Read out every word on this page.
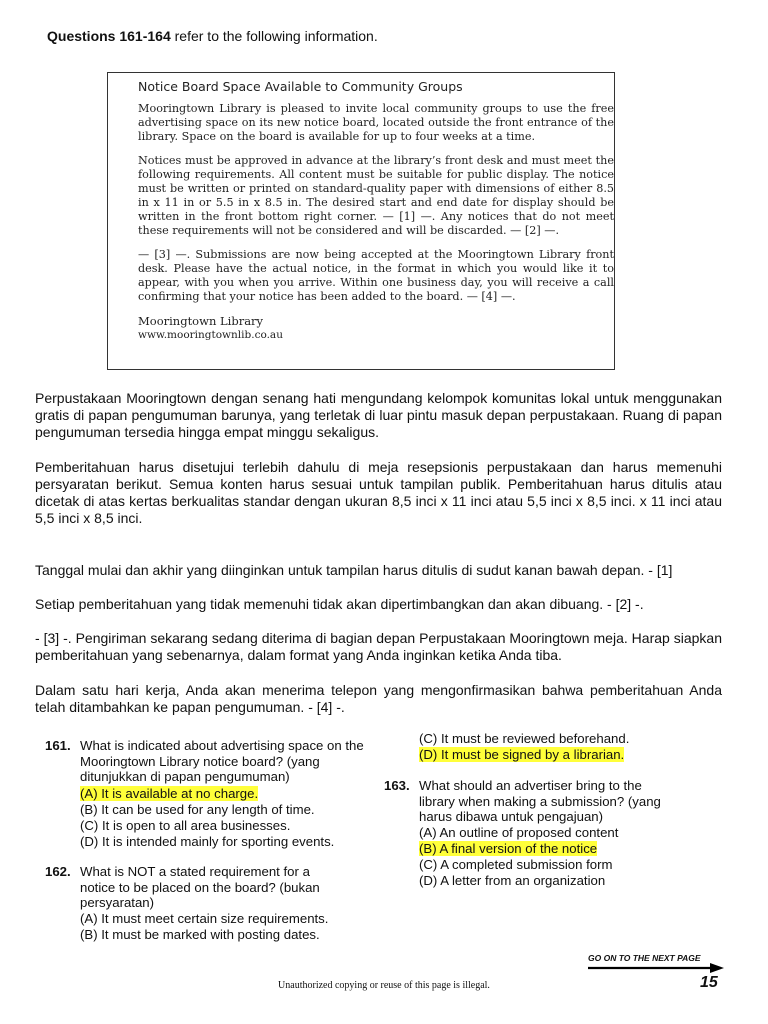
Questions 161-164 refer to the following information.
Notice Board Space Available to Community Groups

Mooringtown Library is pleased to invite local community groups to use the free advertising space on its new notice board, located outside the front entrance of the library. Space on the board is available for up to four weeks at a time.

Notices must be approved in advance at the library’s front desk and must meet the following requirements. All content must be suitable for public display. The notice must be written or printed on standard-quality paper with dimensions of either 8.5 in x 11 in or 5.5 in x 8.5 in. The desired start and end date for display should be written in the front bottom right corner. — [1] —. Any notices that do not meet these requirements will not be considered and will be discarded. — [2] —.

— [3] —. Submissions are now being accepted at the Mooringtown Library front desk. Please have the actual notice, in the format in which you would like it to appear, with you when you arrive. Within one business day, you will receive a call confirming that your notice has been added to the board. — [4] —.

Mooringtown Library
www.mooringtownlib.co.au
Perpustakaan Mooringtown dengan senang hati mengundang kelompok komunitas lokal untuk menggunakan gratis di papan pengumuman barunya, yang terletak di luar pintu masuk depan perpustakaan. Ruang di papan pengumuman tersedia hingga empat minggu sekaligus.
Pemberitahuan harus disetujui terlebih dahulu di meja resepsionis perpustakaan dan harus memenuhi persyaratan berikut. Semua konten harus sesuai untuk tampilan publik. Pemberitahuan harus ditulis atau dicetak di atas kertas berkualitas standar dengan ukuran 8,5 inci x 11 inci atau 5,5 inci x 8,5 inci. x 11 inci atau 5,5 inci x 8,5 inci.
Tanggal mulai dan akhir yang diinginkan untuk tampilan harus ditulis di sudut kanan bawah depan. - [1]
Setiap pemberitahuan yang tidak memenuhi tidak akan dipertimbangkan dan akan dibuang. - [2] -.
- [3] -. Pengiriman sekarang sedang diterima di bagian depan Perpustakaan Mooringtown meja. Harap siapkan pemberitahuan yang sebenarnya, dalam format yang Anda inginkan ketika Anda tiba.
Dalam satu hari kerja, Anda akan menerima telepon yang mengonfirmasikan bahwa pemberitahuan Anda telah ditambahkan ke papan pengumuman. - [4] -.
161. What is indicated about advertising space on the Mooringtown Library notice board? (yang ditunjukkan di papan pengumuman)
(A) It is available at no charge.
(B) It can be used for any length of time.
(C) It is open to all area businesses.
(D) It is intended mainly for sporting events.
162. What is NOT a stated requirement for a notice to be placed on the board? (bukan persyaratan)
(A) It must meet certain size requirements.
(B) It must be marked with posting dates.
(C) It must be reviewed beforehand.
(D) It must be signed by a librarian.
163. What should an advertiser bring to the library when making a submission? (yang harus dibawa untuk pengajuan)
(A) An outline of proposed content
(B) A final version of the notice
(C) A completed submission form
(D) A letter from an organization
GO ON TO THE NEXT PAGE
Unauthorized copying or reuse of this page is illegal.	15
